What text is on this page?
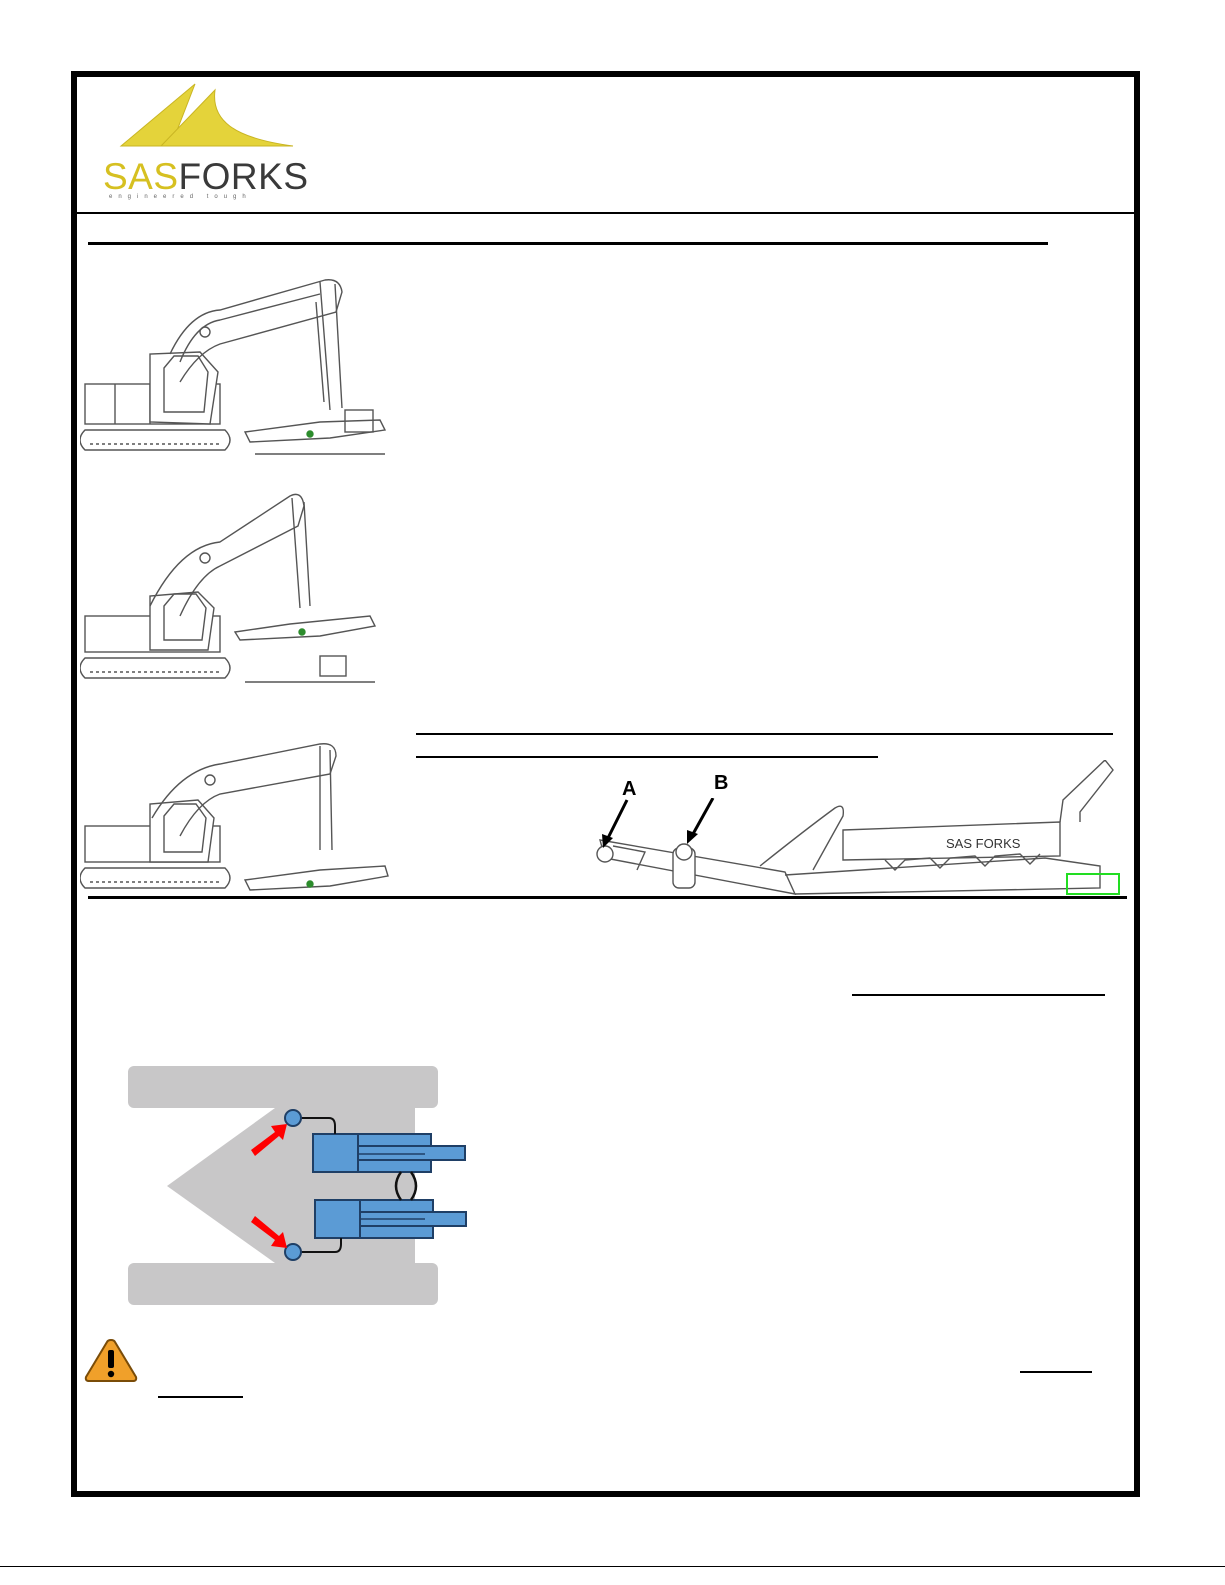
SASFORKS
engineered tough
SAS FORKS
A	B
